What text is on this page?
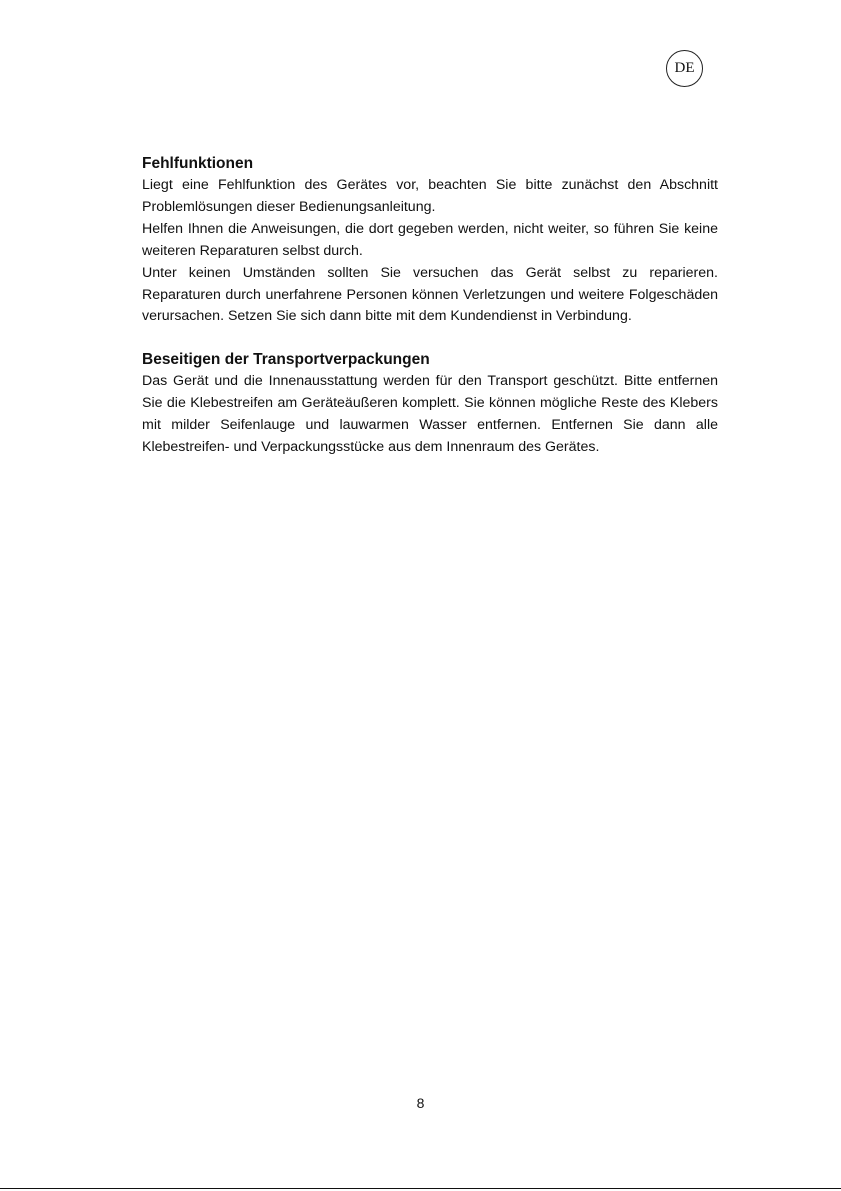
DE
Fehlfunktionen

Liegt eine Fehlfunktion des Gerätes vor, beachten Sie bitte zunächst den Abschnitt Problemlösungen dieser Bedienungsanleitung.

Helfen Ihnen die Anweisungen, die dort gegeben werden, nicht weiter, so führen Sie keine weiteren Reparaturen selbst durch.

Unter keinen Umständen sollten Sie versuchen das Gerät selbst zu reparieren. Reparaturen durch unerfahrene Personen können Verletzungen und weitere Folgeschäden verursachen. Setzen Sie sich dann bitte mit dem Kundendienst in Verbindung.

Beseitigen der Transportverpackungen

Das Gerät und die Innenausstattung werden für den Transport geschützt. Bitte entfernen Sie die Klebestreifen am Geräteäußeren komplett. Sie können mögliche Reste des Klebers mit milder Seifenlauge und lauwarmen Wasser entfernen. Entfernen Sie dann alle Klebestreifen- und Verpackungsstücke aus dem Innenraum des Gerätes.

8
